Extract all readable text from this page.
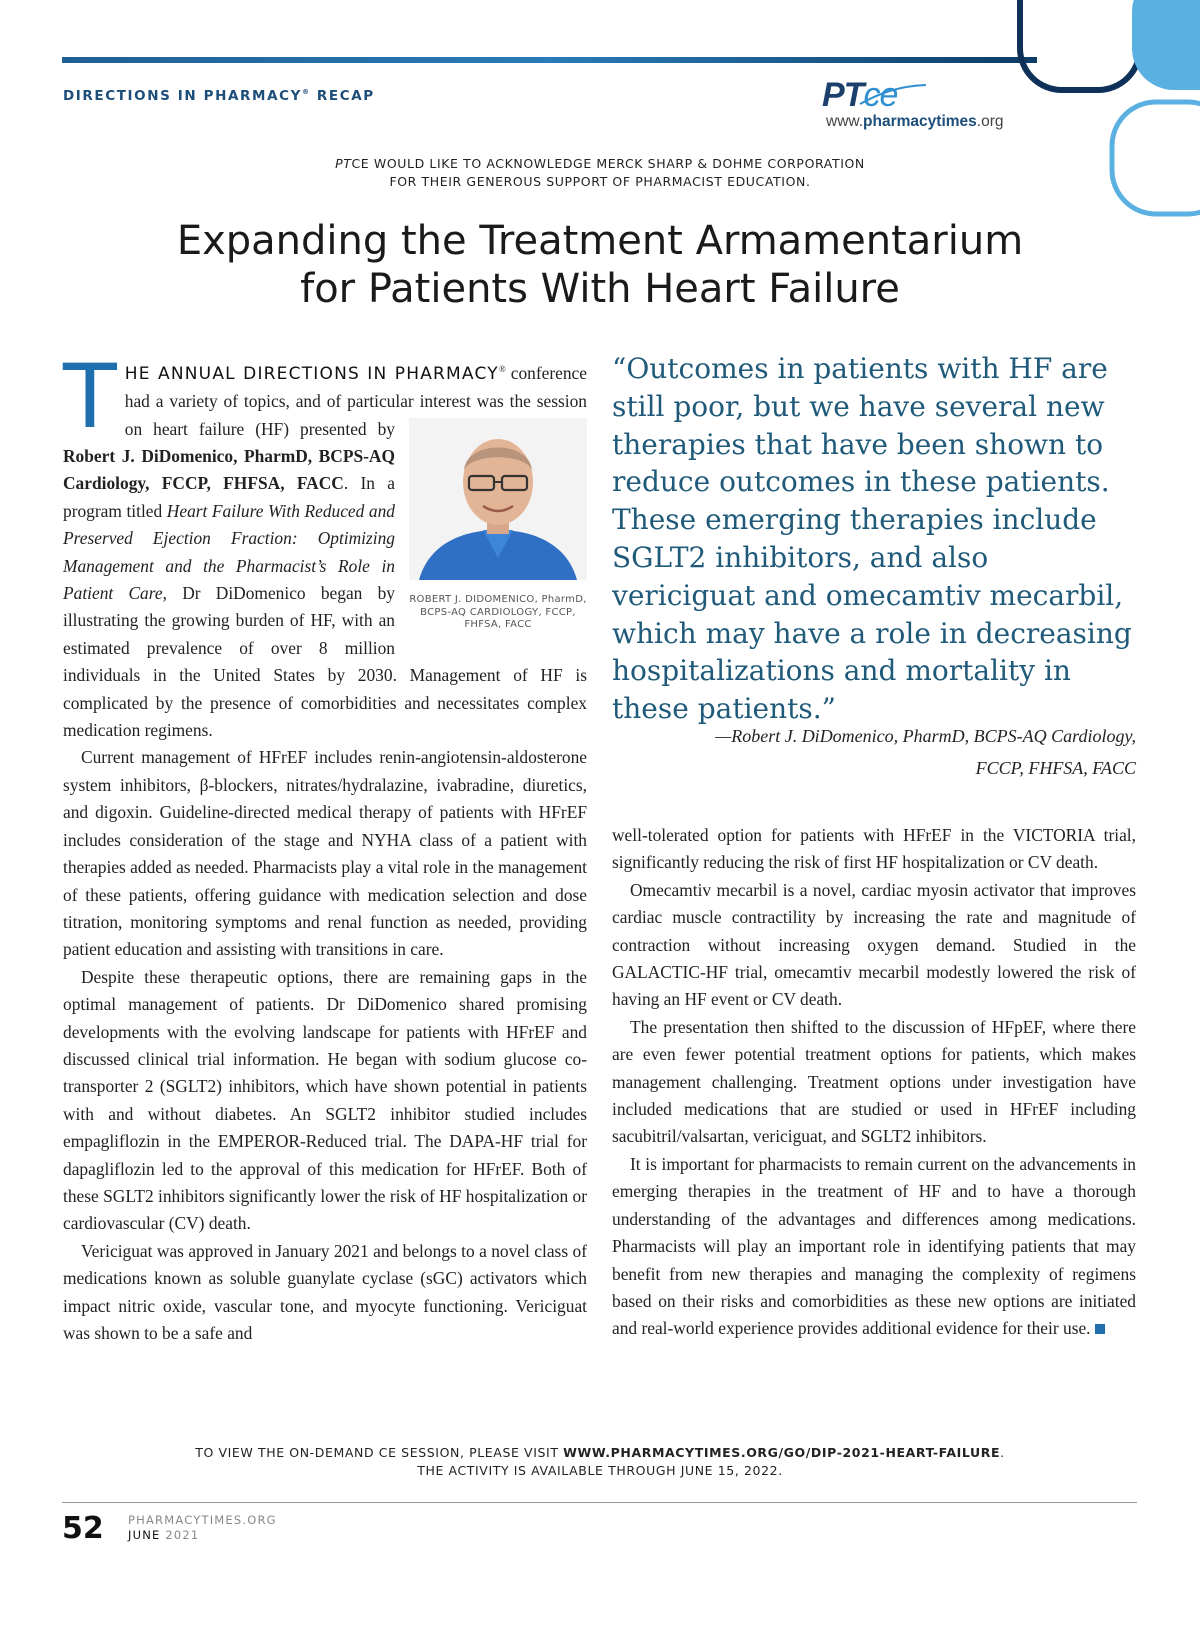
DIRECTIONS IN PHARMACY® RECAP	PTce
www.pharmacytimes.org
PTCE WOULD LIKE TO ACKNOWLEDGE MERCK SHARP & DOHME CORPORATION
FOR THEIR GENEROUS SUPPORT OF PHARMACIST EDUCATION.
Expanding the Treatment Armamentarium
for Patients With Heart Failure

THE ANNUAL DIRECTIONS IN PHARMACY® conference had a variety of topics, and of particular interest was the session on heart failure (HF) presented by
ROBERT J. DIDOMENICO, PharmD, BCPS-AQ CARDIOLOGY, FCCP, FHFSA, FACC
Robert J. DiDomenico, PharmD, BCPS-AQ Cardiology, FCCP, FHFSA, FACC. In a program titled Heart Failure With Reduced and Preserved Ejection Fraction: Optimizing Management and the Pharmacist’s Role in Patient Care, Dr DiDomenico began by illustrating the growing burden of HF, with an estimated prevalence of over 8 million individuals in the United States by 2030. Management of HF is complicated by the presence of comorbidities and necessitates complex medication regimens.

Current management of HFrEF includes renin-angiotensin-aldosterone system inhibitors, β-blockers, nitrates/hydralazine, ivabradine, diuretics, and digoxin. Guideline-directed medical therapy of patients with HFrEF includes consideration of the stage and NYHA class of a patient with therapies added as needed. Pharmacists play a vital role in the management of these patients, offering guidance with medication selection and dose titration, monitoring symptoms and renal function as needed, providing patient education and assisting with transitions in care.

Despite these therapeutic options, there are remaining gaps in the optimal management of patients. Dr DiDomenico shared promising developments with the evolving landscape for patients with HFrEF and discussed clinical trial information. He began with sodium glucose co-transporter 2 (SGLT2) inhibitors, which have shown potential in patients with and without diabetes. An SGLT2 inhibitor studied includes empagliflozin in the EMPEROR-Reduced trial. The DAPA-HF trial for dapagliflozin led to the approval of this medication for HFrEF. Both of these SGLT2 inhibitors significantly lower the risk of HF hospitalization or cardiovascular (CV) death.

Vericiguat was approved in January 2021 and belongs to a novel class of medications known as soluble guanylate cyclase (sGC) activators which impact nitric oxide, vascular tone, and myocyte functioning. Vericiguat was shown to be a safe and

“Outcomes in patients with HF are still poor, but we have several new therapies that have been shown to reduce outcomes in these patients. These emerging therapies include SGLT2 inhibitors, and also vericiguat and omecamtiv mecarbil, which may have a role in decreasing hospitalizations and mortality in these patients.”
—Robert J. DiDomenico, PharmD, BCPS-AQ Cardiology,
FCCP, FHFSA, FACC

well-tolerated option for patients with HFrEF in the VICTORIA trial, significantly reducing the risk of first HF hospitalization or CV death.

Omecamtiv mecarbil is a novel, cardiac myosin activator that improves cardiac muscle contractility by increasing the rate and magnitude of contraction without increasing oxygen demand. Studied in the GALACTIC-HF trial, omecamtiv mecarbil modestly lowered the risk of having an HF event or CV death.

The presentation then shifted to the discussion of HFpEF, where there are even fewer potential treatment options for patients, which makes management challenging. Treatment options under investigation have included medications that are studied or used in HFrEF including sacubitril/valsartan, vericiguat, and SGLT2 inhibitors.

It is important for pharmacists to remain current on the advancements in emerging therapies in the treatment of HF and to have a thorough understanding of the advantages and differences among medications. Pharmacists will play an important role in identifying patients that may benefit from new therapies and managing the complexity of regimens based on their risks and comorbidities as these new options are initiated and real-world experience provides additional evidence for their use.

TO VIEW THE ON-DEMAND CE SESSION, PLEASE VISIT WWW.PHARMACYTIMES.ORG/GO/DIP-2021-HEART-FAILURE.
THE ACTIVITY IS AVAILABLE THROUGH JUNE 15, 2022.
52 PHARMACYTIMES.ORG
JUNE 2021
